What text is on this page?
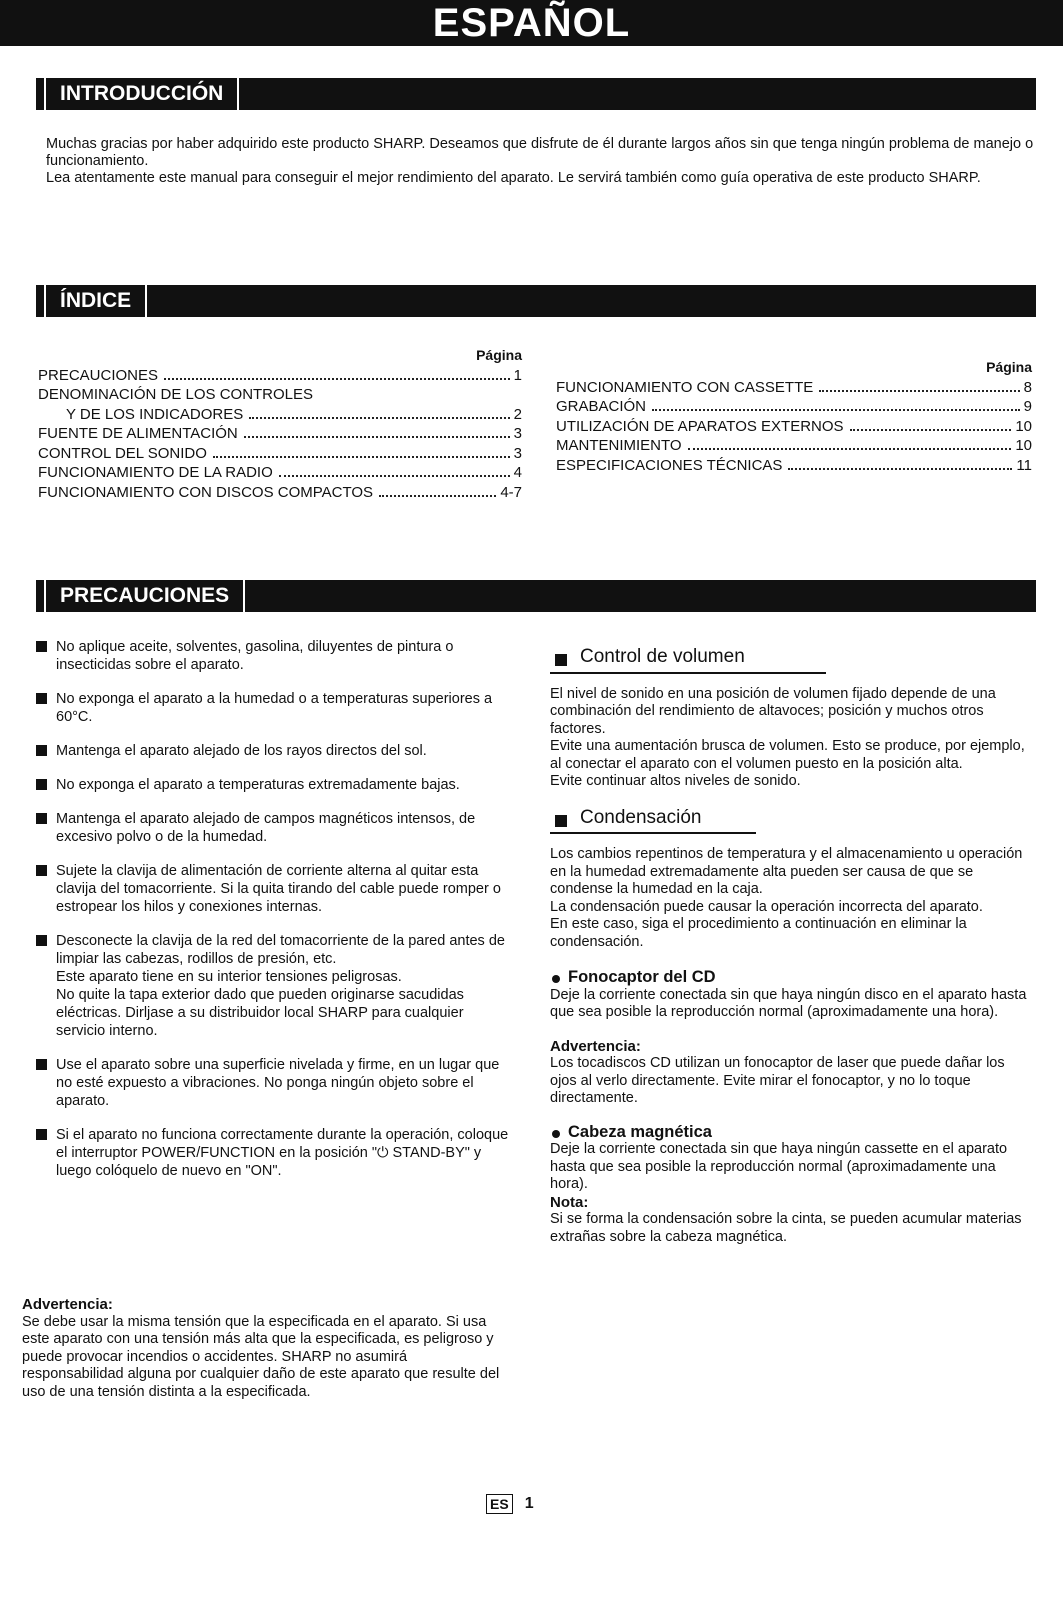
ESPAÑOL
INTRODUCCIÓN

Muchas gracias por haber adquirido este producto SHARP. Deseamos que disfrute de él durante largos años sin que tenga ningún problema de manejo o funcionamiento.

Lea atentamente este manual para conseguir el mejor rendimiento del aparato. Le servirá también como guía operativa de este producto SHARP.

ÍNDICE
Página
PRECAUCIONES	1
DENOMINACIÓN DE LOS CONTROLES
Y DE LOS INDICADORES	2
FUENTE DE ALIMENTACIÓN	3
CONTROL DEL SONIDO	3
FUNCIONAMIENTO DE LA RADIO	4
FUNCIONAMIENTO CON DISCOS COMPACTOS	4-7
Página
FUNCIONAMIENTO CON CASSETTE	8
GRABACIÓN	9
UTILIZACIÓN DE APARATOS EXTERNOS	10
MANTENIMIENTO	10
ESPECIFICACIONES TÉCNICAS	11
PRECAUCIONES
No aplique aceite, solventes, gasolina, diluyentes de pintura o insecticidas sobre el aparato.
No exponga el aparato a la humedad o a temperaturas superiores a 60°C.
Mantenga el aparato alejado de los rayos directos del sol.
No exponga el aparato a temperaturas extremadamente bajas.
Mantenga el aparato alejado de campos magnéticos intensos, de excesivo polvo o de la humedad.
Sujete la clavija de alimentación de corriente alterna al quitar esta clavija del tomacorriente. Si la quita tirando del cable puede romper o estropear los hilos y conexiones internas.
Desconecte la clavija de la red del tomacorriente de la pared antes de limpiar las cabezas, rodillos de presión, etc.
Este aparato tiene en su interior tensiones peligrosas.
No quite la tapa exterior dado que pueden originarse sacudidas eléctricas. Dirljase a su distribuidor local SHARP para cualquier servicio interno.
Use el aparato sobre una superficie nivelada y firme, en un lugar que no esté expuesto a vibraciones. No ponga ningún objeto sobre el aparato.
Si el aparato no funciona correctamente durante la operación, coloque el interruptor POWER/FUNCTION en la posición "⏻ STAND-BY" y luego colóquelo de nuevo en "ON".
Advertencia:
Se debe usar la misma tensión que la especificada en el aparato. Si usa este aparato con una tensión más alta que la especificada, es peligroso y puede provocar incendios o accidentes. SHARP no asumirá responsabilidad alguna por cualquier daño de este aparato que resulte del uso de una tensión distinta a la especificada.
Control de volumen

El nivel de sonido en una posición de volumen fijado depende de una combinación del rendimiento de altavoces; posición y muchos otros factores.

Evite una aumentación brusca de volumen. Esto se produce, por ejemplo, al conectar el aparato con el volumen puesto en la posición alta.

Evite continuar altos niveles de sonido.

Condensación

Los cambios repentinos de temperatura y el almacenamiento u operación en la humedad extremadamente alta pueden ser causa de que se condense la humedad en la caja.

La condensación puede causar la operación incorrecta del aparato.

En este caso, siga el procedimiento a continuación en eliminar la condensación.

Fonocaptor del CD

Deje la corriente conectada sin que haya ningún disco en el aparato hasta que sea posible la reproducción normal (aproximadamente una hora).

Advertencia:

Los tocadiscos CD utilizan un fonocaptor de laser que puede dañar los ojos al verlo directamente. Evite mirar el fonocaptor, y no lo toque directamente.

Cabeza magnética

Deje la corriente conectada sin que haya ningún cassette en el aparato hasta que sea posible la reproducción normal (aproximadamente una hora).

Nota:

Si se forma la condensación sobre la cinta, se pueden acumular materias extrañas sobre la cabeza magnética.

ES 1
